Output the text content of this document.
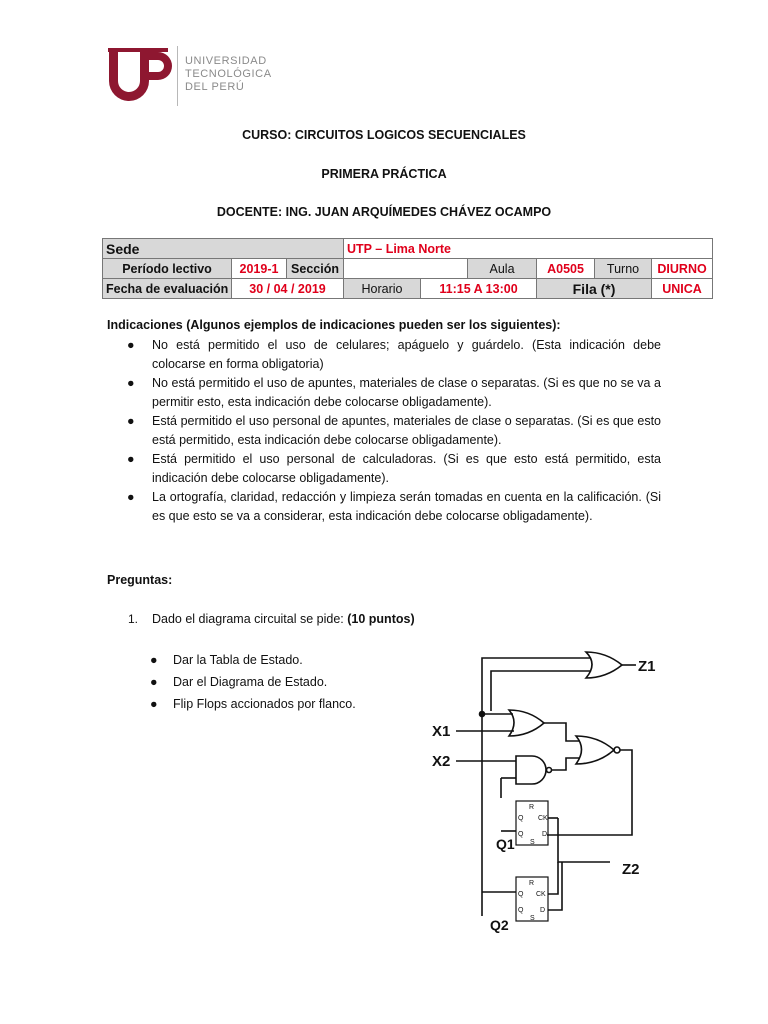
UNIVERSIDAD
TECNOLÓGICA
DEL PERÚ
CURSO: CIRCUITOS LOGICOS SECUENCIALES
PRIMERA PRÁCTICA
DOCENTE: ING. JUAN ARQUÍMEDES CHÁVEZ OCAMPO
Sede			UTP – Lima Norte					
Período lectivo	2019-1	Sección			Aula	A0505	Turno	DIURNO
Fecha de evaluación	30 / 04 / 2019		Horario	11:15 A 13:00		Fila (*)		UNICA
Indicaciones (Algunos ejemplos de indicaciones pueden ser los siguientes):
● No está permitido el uso de celulares; apáguelo y guárdelo. (Esta indicación debe colocarse en forma obligatoria)
● No está permitido el uso de apuntes, materiales de clase o separatas. (Si es que no se va a permitir esto, esta indicación debe colocarse obligadamente).
● Está permitido el uso personal de apuntes, materiales de clase o separatas. (Si es que esto está permitido, esta indicación debe colocarse obligadamente).
● Está permitido el uso personal de calculadoras. (Si es que esto está permitido, esta indicación debe colocarse obligadamente).
● La ortografía, claridad, redacción y limpieza serán tomadas en cuenta en la calificación. (Si es que esto se va a considerar, esta indicación debe colocarse obligadamente).
Preguntas:
1. Dado el diagrama circuital se pide: (10 puntos)
● Dar la Tabla de Estado.
● Dar el Diagrama de Estado.
● Flip Flops accionados por flanco.
Z1
X1
X2
R
Q
Q
CK
D
S
Q1
Z2
R
Q
Q
CK
D
S
Q2
